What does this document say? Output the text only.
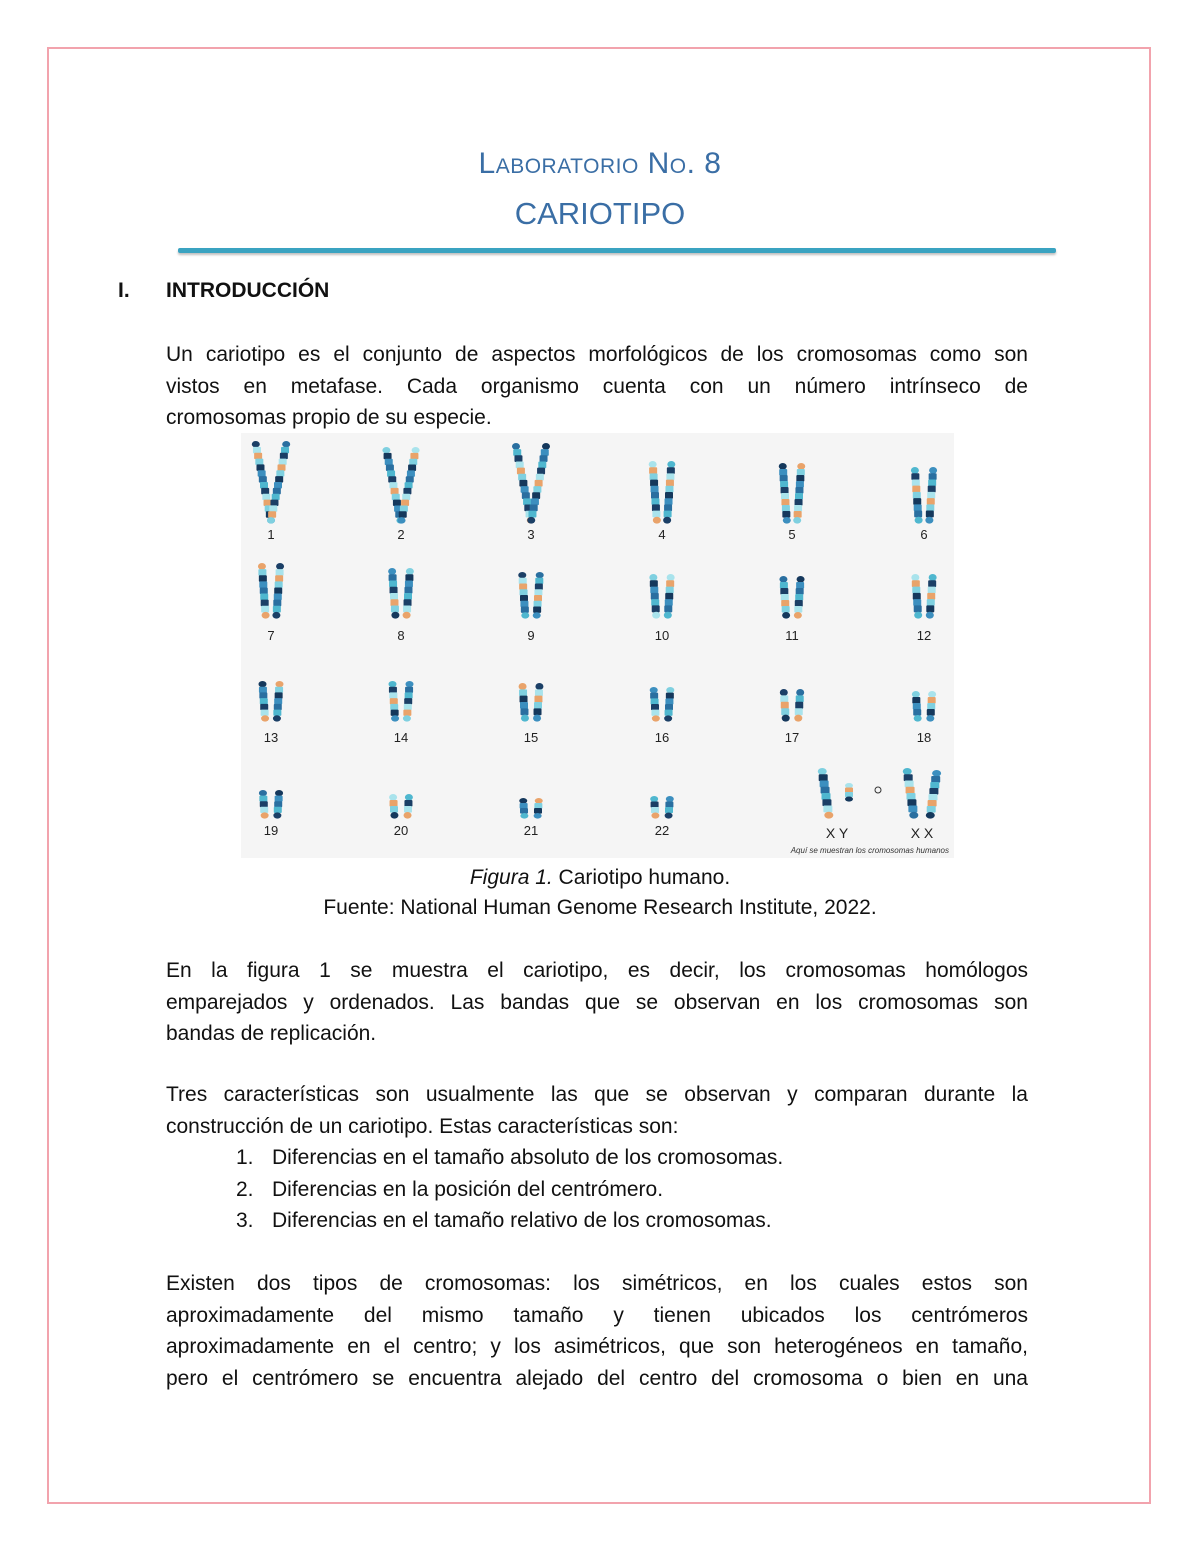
Laboratorio No. 8
CARIOTIPO
I. INTRODUCCIÓN
Un cariotipo es el conjunto de aspectos morfológicos de los cromosomas como son
vistos en metafase. Cada organismo cuenta con un número intrínseco de
cromosomas propio de su especie.
1	2	3	4	5	6
7	8	9	10	11	12
13	14	15	16	17	18
19	20	21	22	X Y	X X
Aquí se muestran los cromosomas humanos
Figura 1. Cariotipo humano.
Fuente: National Human Genome Research Institute, 2022.
En la figura 1 se muestra el cariotipo, es decir, los cromosomas homólogos
emparejados y ordenados. Las bandas que se observan en los cromosomas son
bandas de replicación.
Tres características son usualmente las que se observan y comparan durante la
construcción de un cariotipo. Estas características son:
1. Diferencias en el tamaño absoluto de los cromosomas.
2. Diferencias en la posición del centrómero.
3. Diferencias en el tamaño relativo de los cromosomas.
Existen dos tipos de cromosomas: los simétricos, en los cuales estos son
aproximadamente del mismo tamaño y tienen ubicados los centrómeros
aproximadamente en el centro; y los asimétricos, que son heterogéneos en tamaño,
pero el centrómero se encuentra alejado del centro del cromosoma o bien en una
